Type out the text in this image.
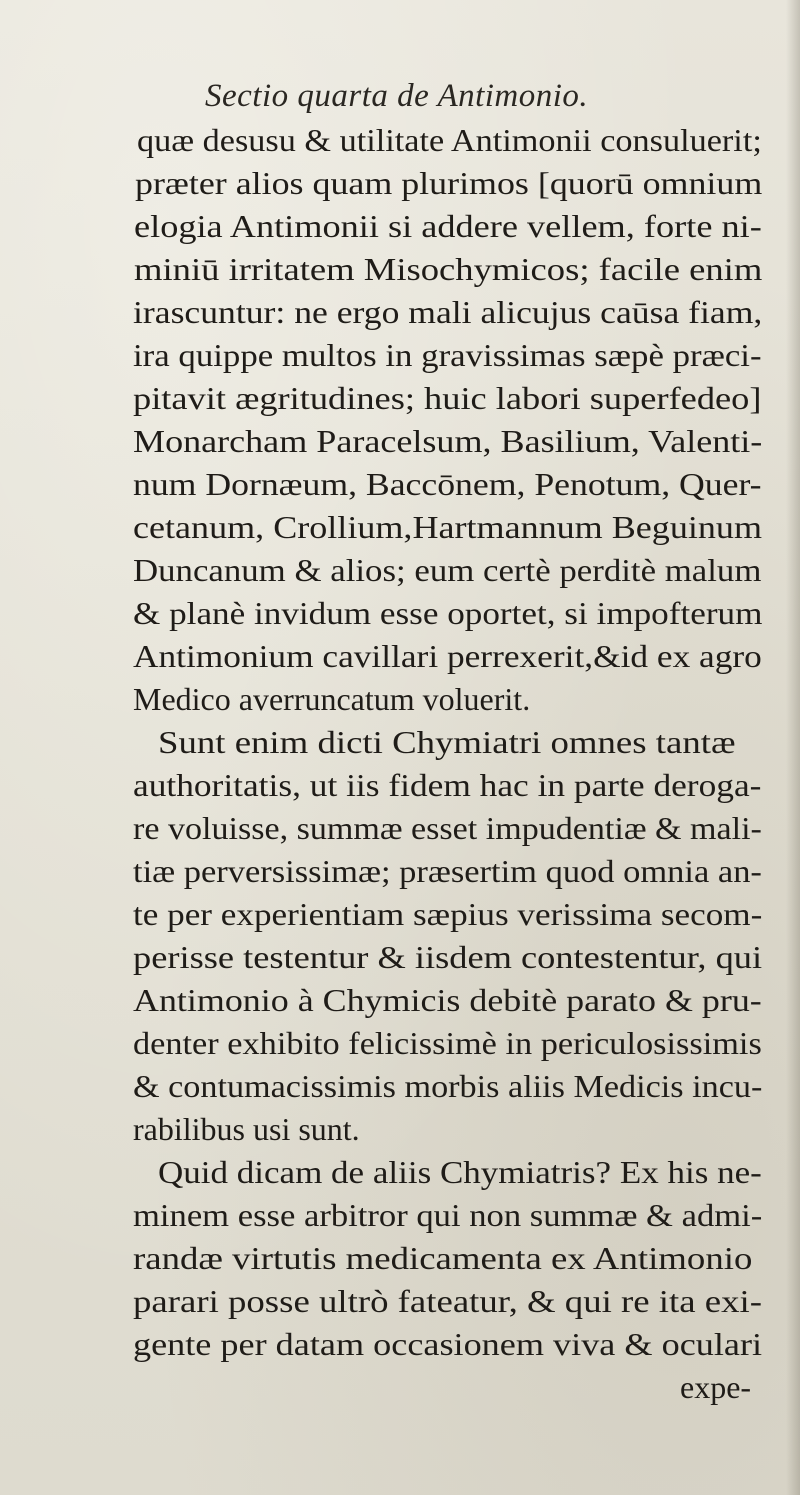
Sectio quarta de Antimonio.
quæ desusu & utilitate Antimonii consuluerit;
præter alios quam plurimos [quorū omnium
elogia Antimonii si addere vellem, forte ni-
miniū irritatem Misochymicos; facile enim
irascuntur: ne ergo mali alicujus caūsa fiam,
ira quippe multos in gravissimas sæpè præci-
pitavit ægritudines; huic labori superfedeo]
Monarcham Paracelsum, Basilium, Valenti-
num Dornæum, Baccōnem, Penotum, Quer-
cetanum, Crollium,Hartmannum Beguinum
Duncanum & alios; eum certè perditè malum
& planè invidum esse oportet, si impofterum
Antimonium cavillari perrexerit,&id ex agro
Medico averruncatum voluerit.
Sunt enim dicti Chymiatri omnes tantæ
authoritatis, ut iis fidem hac in parte deroga-
re voluisse, summæ esset impudentiæ & mali-
tiæ perversissimæ; præsertim quod omnia an-
te per experientiam sæpius verissima secom-
perisse testentur & iisdem contestentur, qui
Antimonio à Chymicis debitè parato & pru-
denter exhibito felicissimè in periculosissimis
& contumacissimis morbis aliis Medicis incu-
rabilibus usi sunt.
Quid dicam de aliis Chymiatris? Ex his ne-
minem esse arbitror qui non summæ & admi-
randæ virtutis medicamenta ex Antimonio
parari posse ultrò fateatur, & qui re ita exi-
gente per datam occasionem viva & oculari
expe-
